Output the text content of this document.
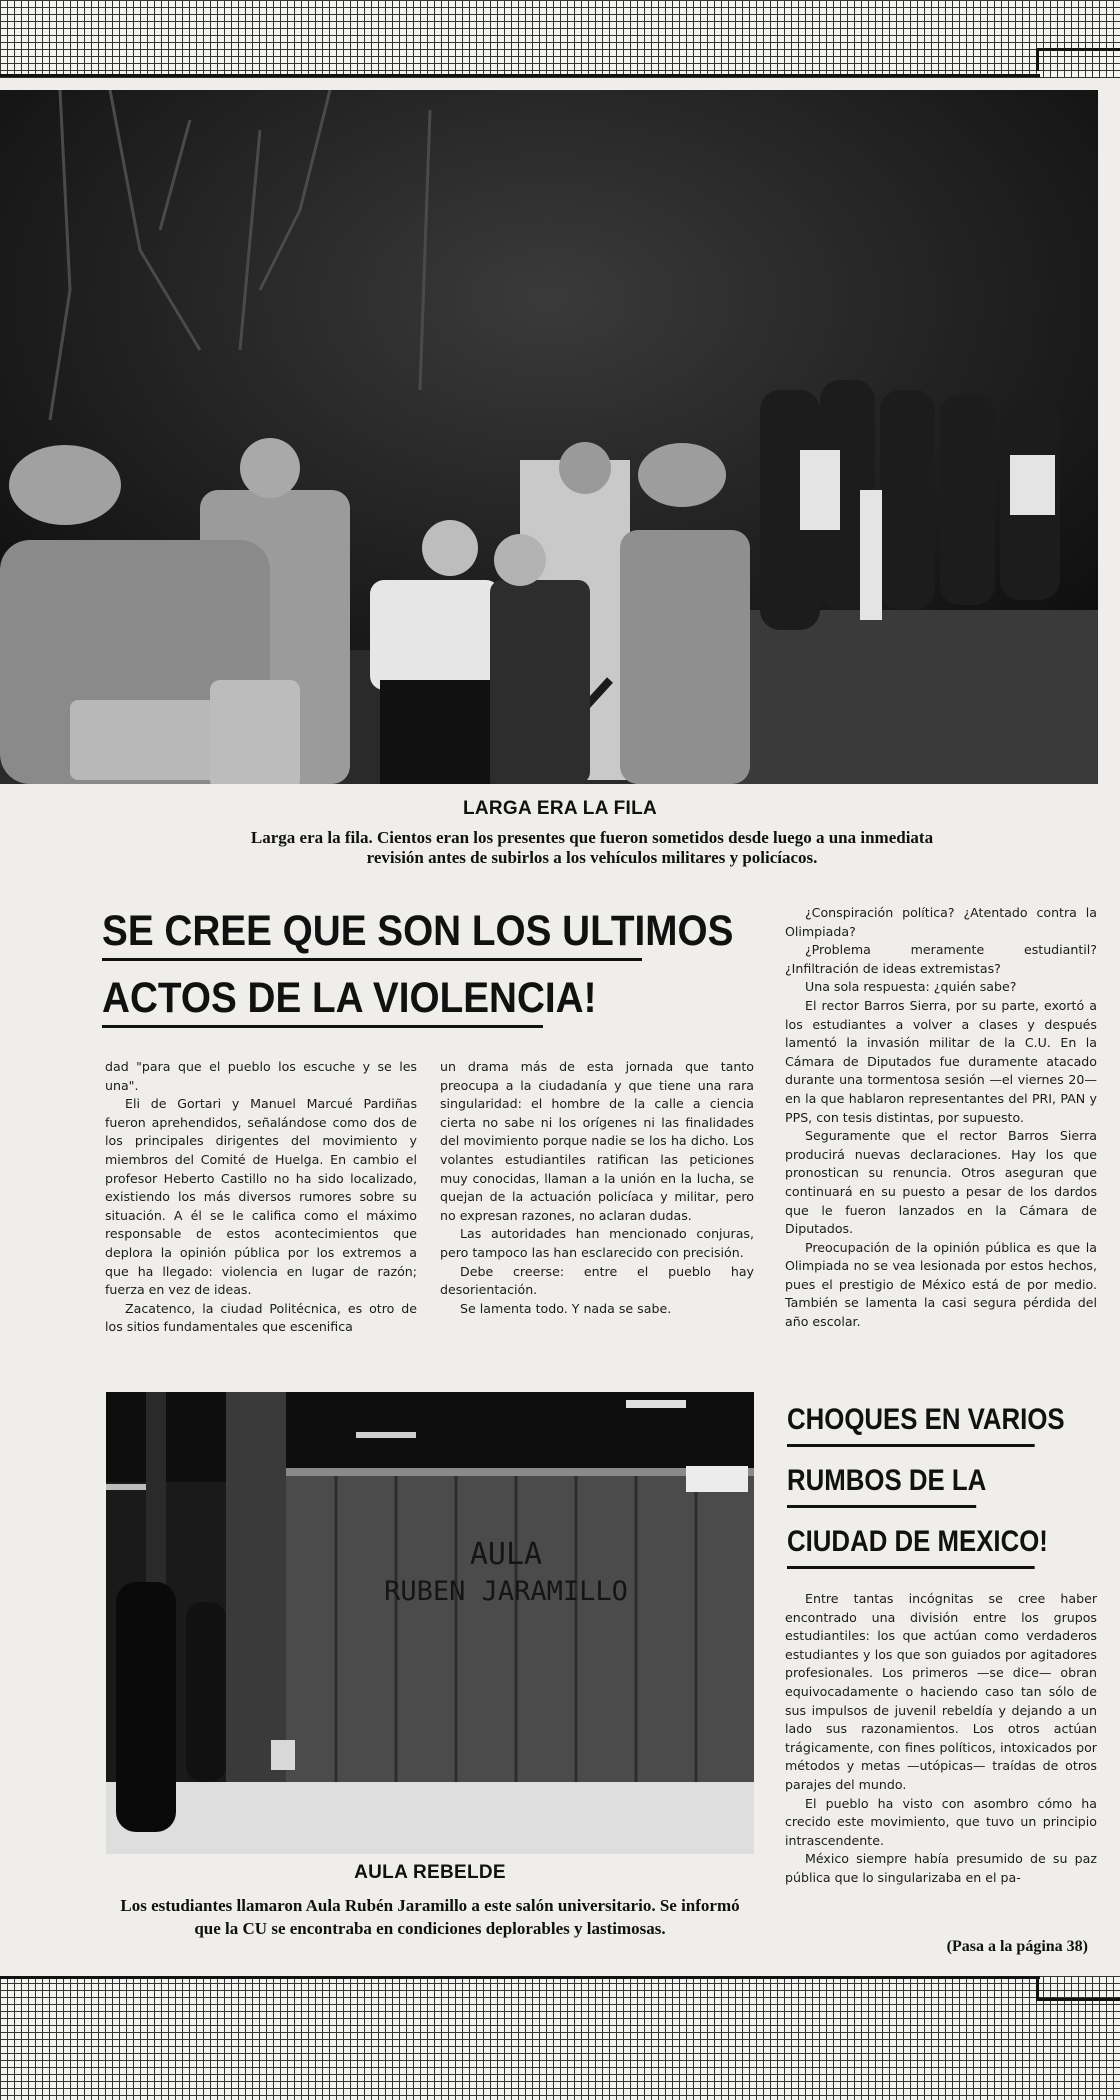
LARGA ERA LA FILA
Larga era la fila. Cientos eran los presentes que fueron sometidos desde luego a una inmediata revisión antes de subirlos a los vehículos militares y policíacos.
SE CREE QUE SON LOS ULTIMOS
ACTOS DE LA VIOLENCIA!

dad "para que el pueblo los escuche y se les una".

Eli de Gortari y Manuel Marcué Pardiñas fueron aprehendidos, señalándose como dos de los principales dirigentes del movimiento y miembros del Comité de Huelga. En cambio el profesor Heberto Castillo no ha sido localizado, existiendo los más diversos rumores sobre su situación. A él se le califica como el máximo responsable de estos acontecimientos que deplora la opinión pública por los extremos a que ha llegado: violencia en lugar de razón; fuerza en vez de ideas.

Zacatenco, la ciudad Politécnica, es otro de los sitios fundamentales que escenifica

un drama más de esta jornada que tanto preocupa a la ciudadanía y que tiene una rara singularidad: el hombre de la calle a ciencia cierta no sabe ni los orígenes ni las finalidades del movimiento porque nadie se los ha dicho. Los volantes estudiantiles ratifican las peticiones muy conocidas, llaman a la unión en la lucha, se quejan de la actuación policíaca y militar, pero no expresan razones, no aclaran dudas.

Las autoridades han mencionado conjuras, pero tampoco las han esclarecido con precisión.

Debe creerse: entre el pueblo hay desorientación.

Se lamenta todo. Y nada se sabe.

¿Conspiración política? ¿Atentado contra la Olimpiada?

¿Problema meramente estudiantil? ¿Infiltración de ideas extremistas?

Una sola respuesta: ¿quién sabe?

El rector Barros Sierra, por su parte, exortó a los estudiantes a volver a clases y después lamentó la invasión militar de la C.U. En la Cámara de Diputados fue duramente atacado durante una tormentosa sesión —el viernes 20— en la que hablaron representantes del PRI, PAN y PPS, con tesis distintas, por supuesto.

Seguramente que el rector Barros Sierra producirá nuevas declaraciones. Hay los que pronostican su renuncia. Otros aseguran que continuará en su puesto a pesar de los dardos que le fueron lanzados en la Cámara de Diputados.

Preocupación de la opinión pública es que la Olimpiada no se vea lesionada por estos hechos, pues el prestigio de México está de por medio. También se lamenta la casi segura pérdida del año escolar.

CHOQUES EN VARIOS
RUMBOS DE LA
CIUDAD DE MEXICO!

Entre tantas incógnitas se cree haber encontrado una división entre los grupos estudiantiles: los que actúan como verdaderos estudiantes y los que son guiados por agitadores profesionales. Los primeros —se dice— obran equivocadamente o haciendo caso tan sólo de sus impulsos de juvenil rebeldía y dejando a un lado sus razonamientos. Los otros actúan trágicamente, con fines políticos, intoxicados por métodos y metas —utópicas— traídas de otros parajes del mundo.

El pueblo ha visto con asombro cómo ha crecido este movimiento, que tuvo un principio intrascendente.

México siempre había presumido de su paz pública que lo singularizaba en el pa-

AULA
RUBEN JARAMILLO
AULA REBELDE
Los estudiantes llamaron Aula Rubén Jaramillo a este salón universitario. Se informó que la CU se encontraba en condiciones deplorables y lastimosas.
(Pasa a la página 38)
